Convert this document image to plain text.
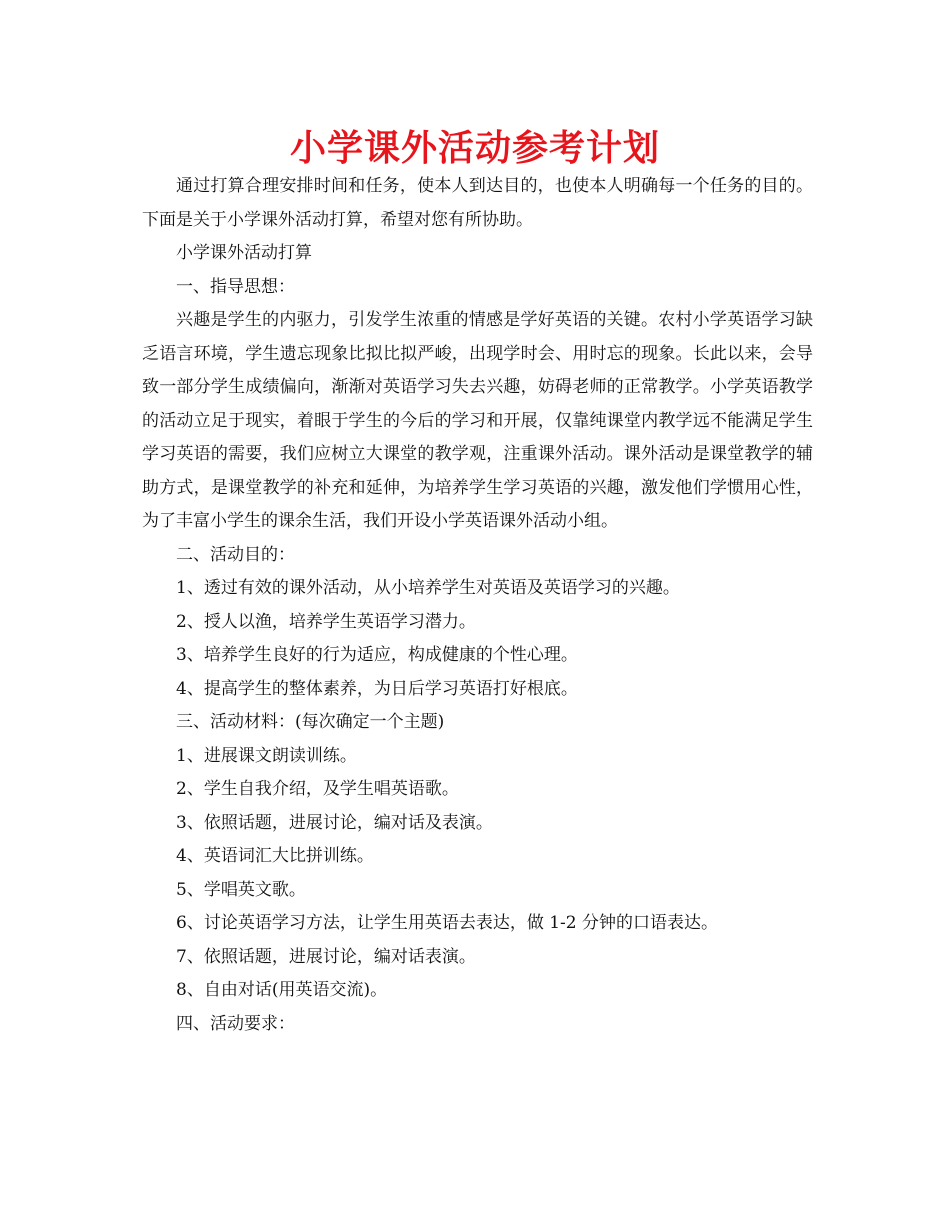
小学课外活动参考计划

通过打算合理安排时间和任务，使本人到达目的，也使本人明确每一个任务的目的。下面是关于小学课外活动打算，希望对您有所协助。

小学课外活动打算

一、指导思想：

兴趣是学生的内驱力，引发学生浓重的情感是学好英语的关键。农村小学英语学习缺乏语言环境，学生遗忘现象比拟比拟严峻，出现学时会、用时忘的现象。长此以来，会导致一部分学生成绩偏向，渐渐对英语学习失去兴趣，妨碍老师的正常教学。小学英语教学的活动立足于现实，着眼于学生的今后的学习和开展，仅靠纯课堂内教学远不能满足学生学习英语的需要，我们应树立大课堂的教学观，注重课外活动。课外活动是课堂教学的辅助方式，是课堂教学的补充和延伸，为培养学生学习英语的兴趣，激发他们学惯用心性，为了丰富小学生的课余生活，我们开设小学英语课外活动小组。

二、活动目的：

1、透过有效的课外活动，从小培养学生对英语及英语学习的兴趣。

2、授人以渔，培养学生英语学习潜力。

3、培养学生良好的行为适应，构成健康的个性心理。

4、提高学生的整体素养，为日后学习英语打好根底。

三、活动材料：(每次确定一个主题)

1、进展课文朗读训练。

2、学生自我介绍，及学生唱英语歌。

3、依照话题，进展讨论，编对话及表演。

4、英语词汇大比拼训练。

5、学唱英文歌。

6、讨论英语学习方法，让学生用英语去表达，做 1-2 分钟的口语表达。

7、依照话题，进展讨论，编对话表演。

8、自由对话(用英语交流)。

四、活动要求：
